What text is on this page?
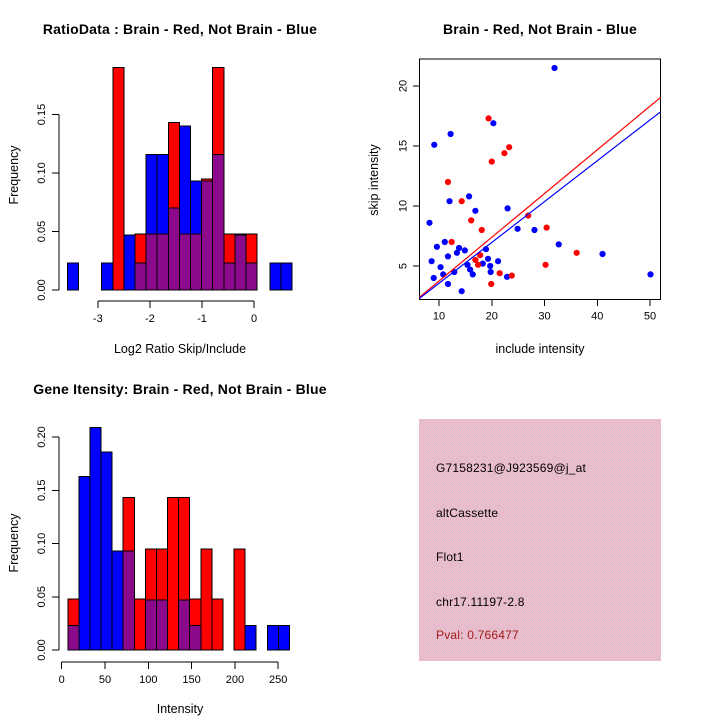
RatioData : Brain - Red, Not Brain - Blue
Frequency
Log2 Ratio Skip/Include
0.00
0.05
0.10
0.15
-3	-2	-1	0
Brain - Red, Not Brain - Blue
skip intensity
include intensity
10	20	30	40	50
5
10
15
20
Gene Itensity: Brain - Red, Not Brain - Blue
Frequency
Intensity
0.00
0.05
0.10
0.15
0.20
0	50	100 150 200 250
G7158231@J923569@j_at
altCassette
Flot1
chr17.11197-2.8
Pval: 0.766477
